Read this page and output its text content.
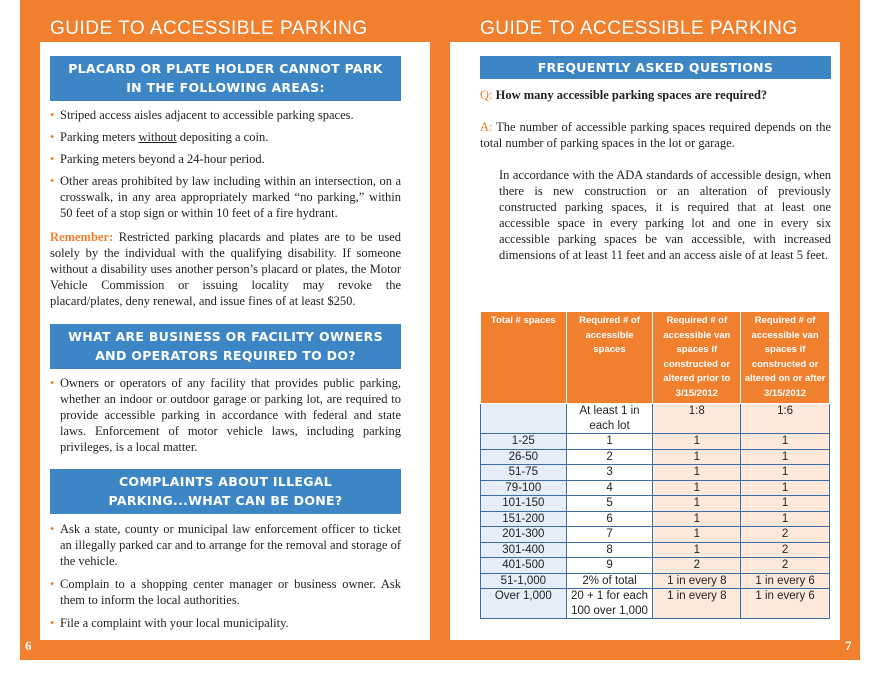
GUIDE TO ACCESSIBLE PARKING	GUIDE TO ACCESSIBLE PARKING
6	7
PLACARD OR PLATE HOLDER CANNOT PARK
IN THE FOLLOWING AREAS:
• Striped access aisles adjacent to accessible parking spaces.
• Parking meters without depositing a coin.
• Parking meters beyond a 24-hour period.
• Other areas prohibited by law including within an intersection, on a crosswalk, in any area appropriately marked “no parking,” within 50 feet of a stop sign or within 10 feet of a fire hydrant.
Remember: Restricted parking placards and plates are to be used solely by the individual with the qualifying disability. If someone without a disability uses another person’s placard or plates, the Motor Vehicle Commission or issuing locality may revoke the placard/plates, deny renewal, and issue fines of at least $250.
WHAT ARE BUSINESS OR FACILITY OWNERS
AND OPERATORS REQUIRED TO DO?
• Owners or operators of any facility that provides public parking, whether an indoor or outdoor garage or parking lot, are required to provide accessible parking in accordance with federal and state laws. Enforcement of motor vehicle laws, including parking privileges, is a local matter.
COMPLAINTS ABOUT ILLEGAL
PARKING...WHAT CAN BE DONE?
• Ask a state, county or municipal law enforcement officer to ticket an illegally parked car and to arrange for the removal and storage of the vehicle.
• Complain to a shopping center manager or business owner. Ask them to inform the local authorities.
• File a complaint with your local municipality.
FREQUENTLY ASKED QUESTIONS
Q: How many accessible parking spaces are required?
A: The number of accessible parking spaces required depends on the total number of parking spaces in the lot or garage.
In accordance with the ADA standards of accessible design, when there is new construction or an alteration of previously constructed parking spaces, it is required that at least one accessible space in every parking lot and one in every six accessible parking spaces be van accessible, with increased dimensions of at least 11 feet and an access aisle of at least 5 feet.
Total # spaces	Required # of accessible spaces	Required # of accessible van spaces if constructed or altered prior to 3/15/2012	Required # of accessible van spaces if constructed or altered on or after 3/15/2012
	At least 1 in each lot	1:8	1:6
1-25	1	1	1
26-50	2	1	1
51-75	3	1	1
79-100	4	1	1
101-150	5	1	1
151-200	6	1	1
201-300	7	1	2
301-400	8	1	2
401-500	9	2	2
51-1,000	2% of total	1 in every 8	1 in every 6
Over 1,000	20 + 1 for each 100 over 1,000	1 in every 8	1 in every 6
